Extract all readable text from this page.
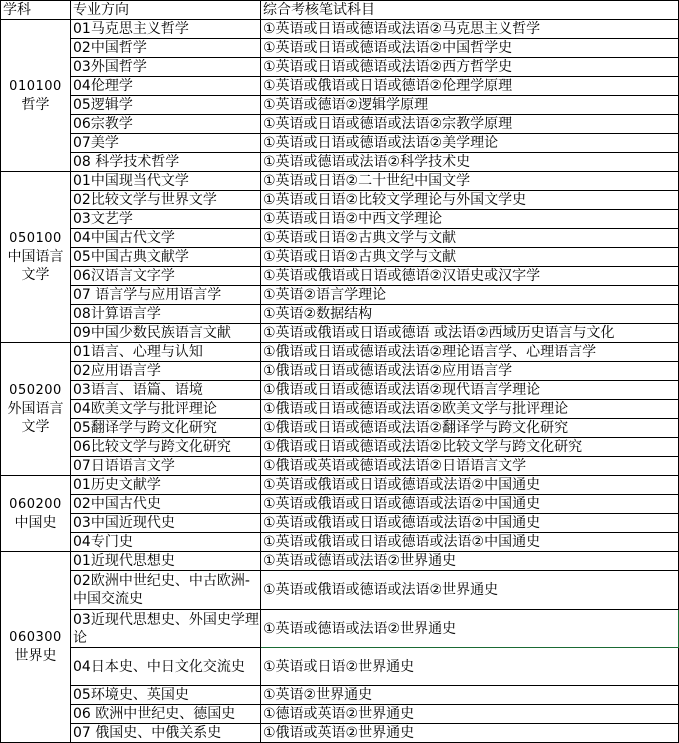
学科	专业方向	综合考核笔试科目

010100
哲学	01马克思主义哲学	①英语或日语或德语或法语②马克思主义哲学
	02中国哲学	①英语或日语或德语或法语②中国哲学史
	03外国哲学	①英语或日语或德语或法语②西方哲学史
	04伦理学	①英语或俄语或日语或德语②伦理学原理
	05逻辑学	①英语或德语②逻辑学原理
	06宗教学	①英语或日语或德语或法语②宗教学原理
	07美学	①英语或日语或德语或法语②美学理论
	08 科学技术哲学	①英语或德语或法语②科学技术史

050100
中国语言文学	01中国现当代文学	①英语或日语②二十世纪中国文学
	02比较文学与世界文学	①英语或日语②比较文学理论与外国文学史
	03文艺学	①英语或日语②中西文学理论
	04中国古代文学	①英语或日语②古典文学与文献
	05中国古典文献学	①英语或日语②古典文学与文献
	06汉语言文字学	①英语或俄语或日语或德语②汉语史或汉字学
	07 语言学与应用语言学	①英语②语言学理论
	08计算语言学	①英语②数据结构
	09中国少数民族语言文献	①英语或俄语或日语或德语 或法语②西域历史语言与文化

050200
外国语言文学	01语言、心理与认知	①俄语或日语或德语或法语②理论语言学、心理语言学
	02应用语言学	①俄语或日语或德语或法语②应用语言学
	03语言、语篇、语境	①俄语或日语或德语或法语②现代语言学理论
	04欧美文学与批评理论	①俄语或日语或德语或法语②欧美文学与批评理论
	05翻译学与跨文化研究	①俄语或日语或德语或法语②翻译学与跨文化研究
	06比较文学与跨文化研究	①俄语或日语或德语或法语②比较文学与跨文化研究
	07日语语言文学	①俄语或英语或德语或法语②日语语言文学

060200
中国史	01历史文献学	①英语或俄语或日语或德语或法语②中国通史
	02中国古代史	①英语或俄语或日语或德语或法语②中国通史
	03中国近现代史	①英语或俄语或日语或德语或法语②中国通史
	04专门史	①英语或俄语或日语或德语或法语②中国通史

060300
世界史	01近现代思想史	①英语或德语或法语②世界通史
	02欧洲中世纪史、中古欧洲-中国交流史	①英语或俄语或德语或法语②世界通史
	03近现代思想史、外国史学理论	①英语或德语或法语②世界通史
	04日本史、中日文化交流史	①英语或日语②世界通史
	05环境史、英国史	①英语②世界通史
	06 欧洲中世纪史、德国史	①德语或英语②世界通史
	07 俄国史、中俄关系史	①俄语或英语②世界通史
